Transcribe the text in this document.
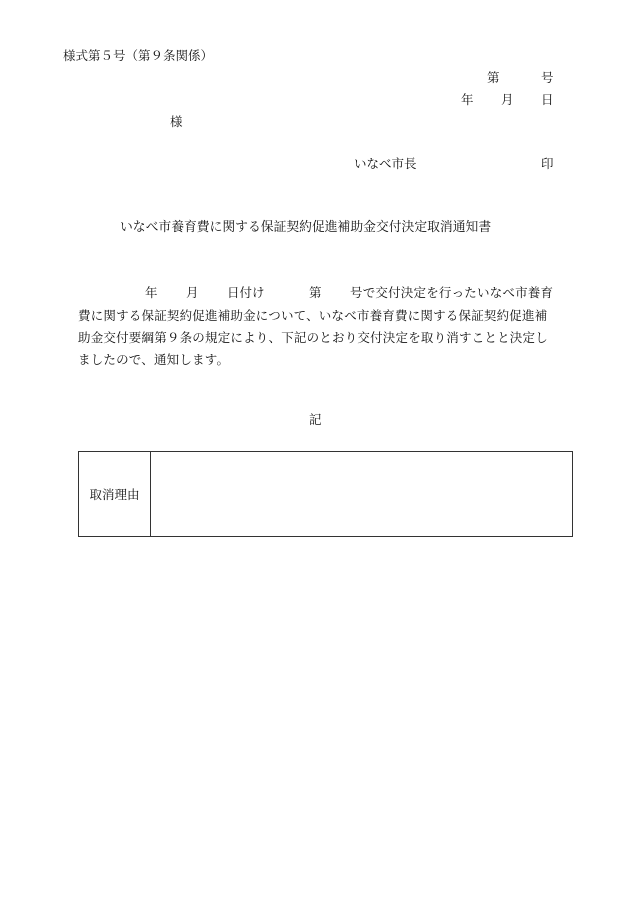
様式第５号（第９条関係）
第	号
年 月 日
様
いなべ市長	印
いなべ市養育費に関する保証契約促進補助金交付決定取消通知書
年 月 日付け	第 号で交付決定を行ったいなべ市養育
費に関する保証契約促進補助金について、いなべ市養育費に関する保証契約促進補
助金交付要綱第９条の規定により、下記のとおり交付決定を取り消すことと決定し
ましたので、通知します。
記
取消理由	
